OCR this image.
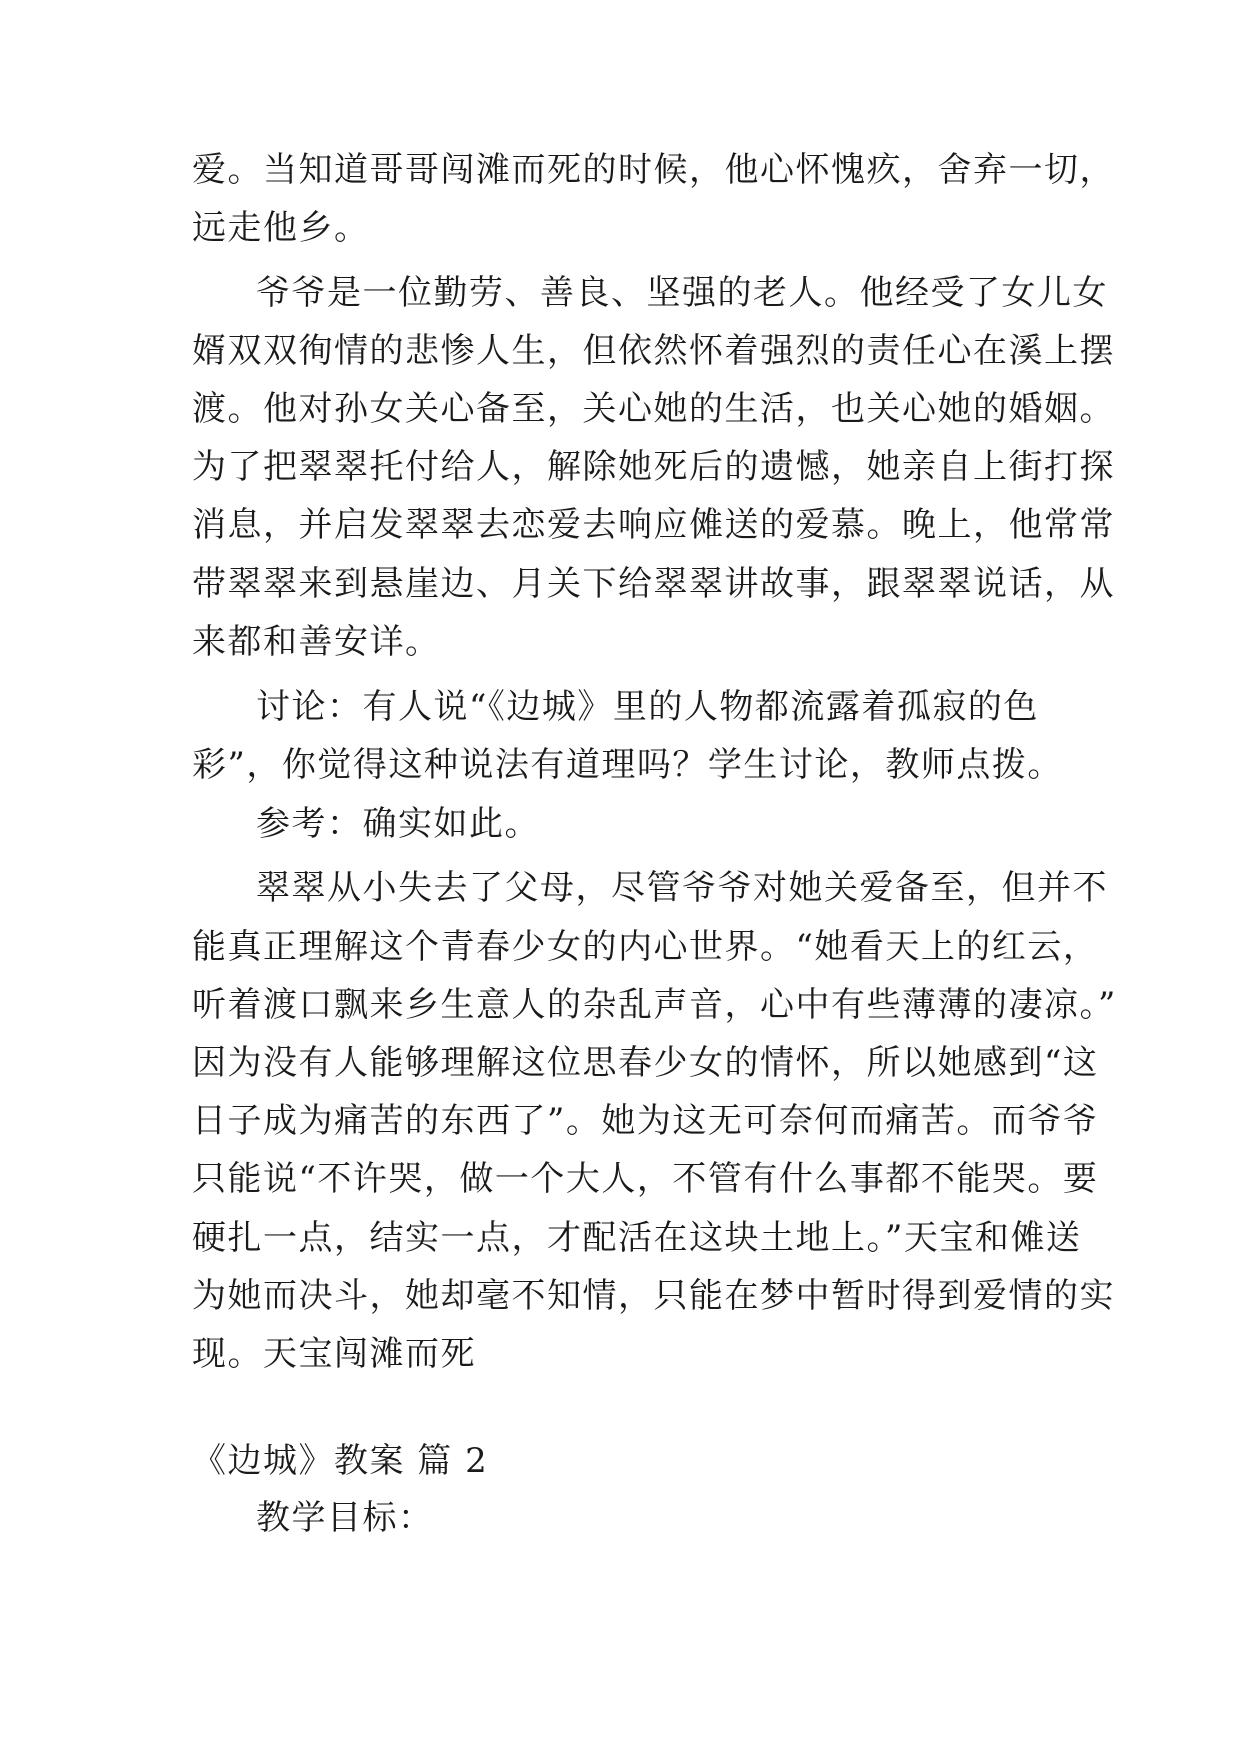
爱。当知道哥哥闯滩而死的时候，他心怀愧疚，舍弃一切，
远走他乡。
爷爷是一位勤劳、善良、坚强的老人。他经受了女儿女
婿双双徇情的悲惨人生，但依然怀着强烈的责任心在溪上摆
渡。他对孙女关心备至，关心她的生活，也关心她的婚姻。
为了把翠翠托付给人，解除她死后的遗憾，她亲自上街打探
消息，并启发翠翠去恋爱去响应傩送的爱慕。晚上，他常常
带翠翠来到悬崖边、月关下给翠翠讲故事，跟翠翠说话，从
来都和善安详。
讨论：有人说“《边城》里的人物都流露着孤寂的色
彩”，你觉得这种说法有道理吗？学生讨论，教师点拨。
参考：确实如此。
翠翠从小失去了父母，尽管爷爷对她关爱备至，但并不
能真正理解这个青春少女的内心世界。“她看天上的红云，
听着渡口飘来乡生意人的杂乱声音，心中有些薄薄的凄凉。”
因为没有人能够理解这位思春少女的情怀，所以她感到“这
日子成为痛苦的东西了”。她为这无可奈何而痛苦。而爷爷
只能说“不许哭，做一个大人，不管有什么事都不能哭。要
硬扎一点，结实一点，才配活在这块土地上。”天宝和傩送
为她而决斗，她却毫不知情，只能在梦中暂时得到爱情的实
现。天宝闯滩而死
《边城》教案 篇 2
教学目标：
